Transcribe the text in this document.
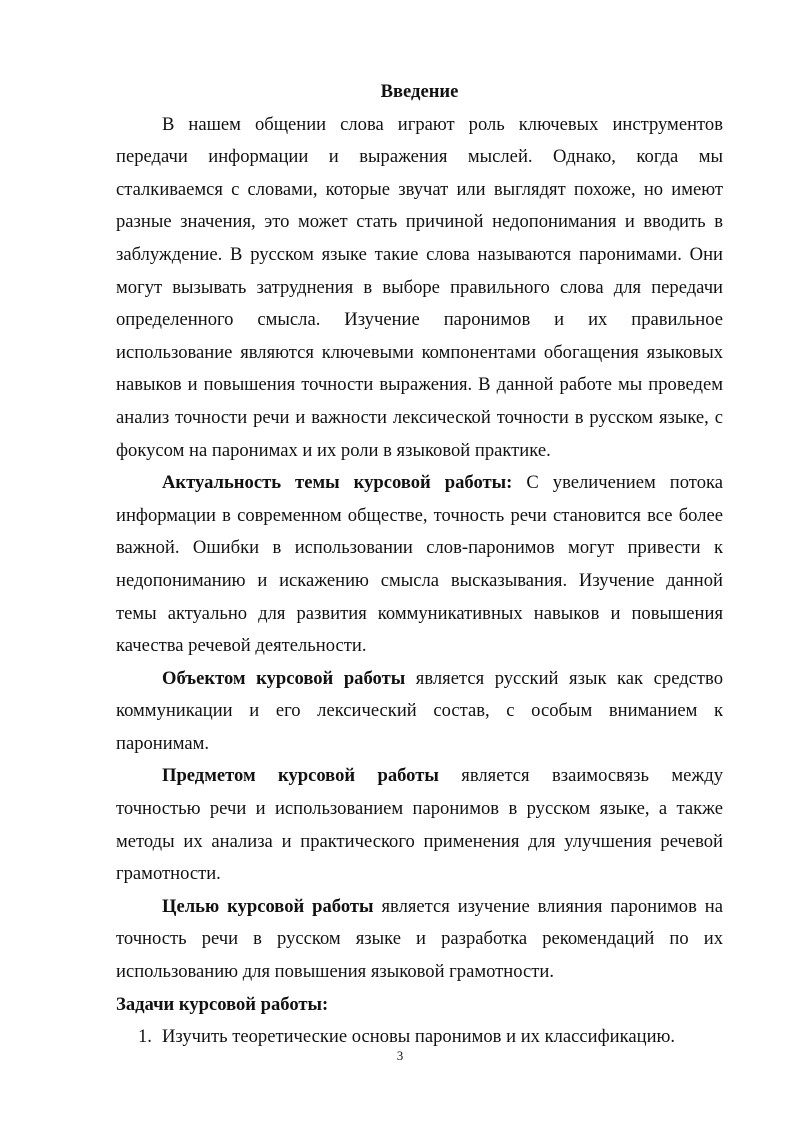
Введение

В нашем общении слова играют роль ключевых инструментов передачи информации и выражения мыслей. Однако, когда мы сталкиваемся с словами, которые звучат или выглядят похоже, но имеют разные значения, это может стать причиной недопонимания и вводить в заблуждение. В русском языке такие слова называются паронимами. Они могут вызывать затруднения в выборе правильного слова для передачи определенного смысла. Изучение паронимов и их правильное использование являются ключевыми компонентами обогащения языковых навыков и повышения точности выражения. В данной работе мы проведем анализ точности речи и важности лексической точности в русском языке, с фокусом на паронимах и их роли в языковой практике.

Актуальность темы курсовой работы: С увеличением потока информации в современном обществе, точность речи становится все более важной. Ошибки в использовании слов-паронимов могут привести к недопониманию и искажению смысла высказывания. Изучение данной темы актуально для развития коммуникативных навыков и повышения качества речевой деятельности.

Объектом курсовой работы является русский язык как средство коммуникации и его лексический состав, с особым вниманием к паронимам.

Предметом курсовой работы является взаимосвязь между точностью речи и использованием паронимов в русском языке, а также методы их анализа и практического применения для улучшения речевой грамотности.

Целью курсовой работы является изучение влияния паронимов на точность речи в русском языке и разработка рекомендаций по их использованию для повышения языковой грамотности.

Задачи курсовой работы:

1. Изучить теоретические основы паронимов и их классификацию.
3
